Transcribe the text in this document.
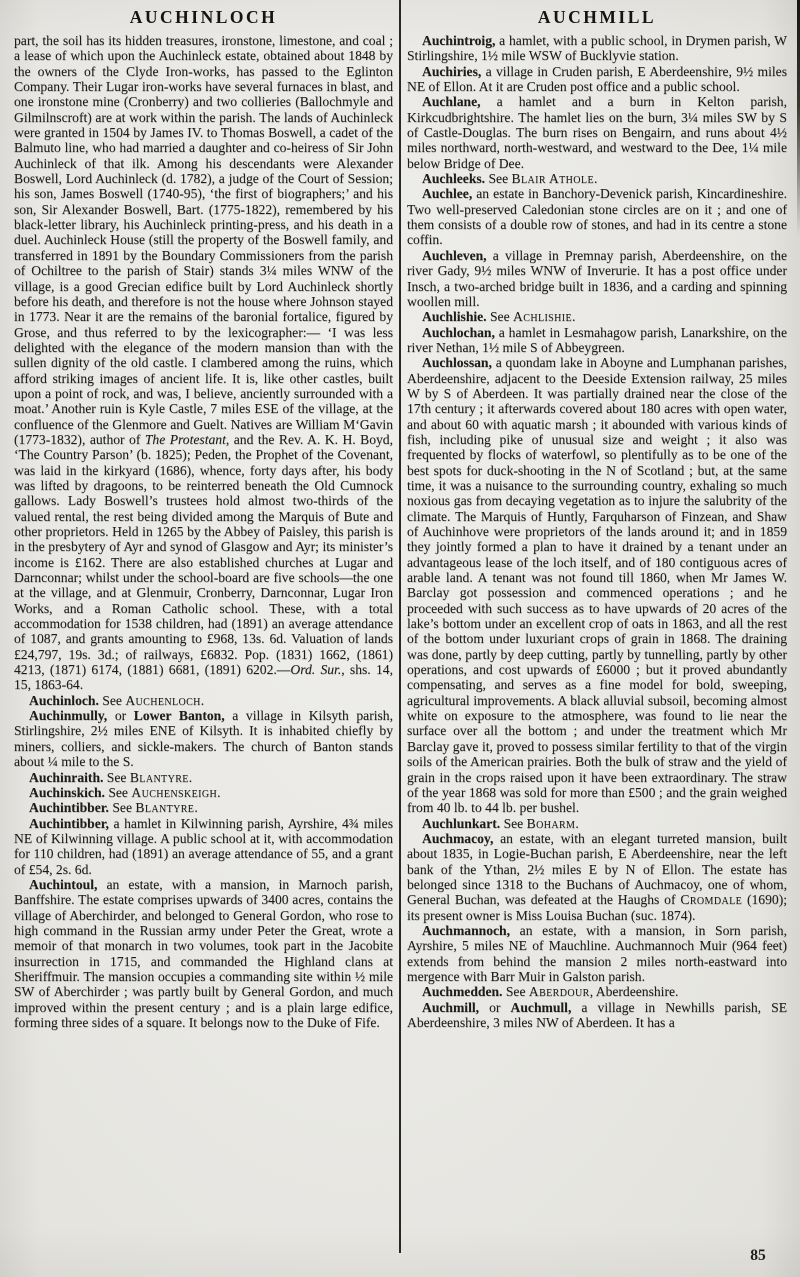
AUCHINLOCH	AUCHMILL

part, the soil has its hidden treasures, ironstone, limestone, and coal ; a lease of which upon the Auchinleck estate, obtained about 1848 by the owners of the Clyde Iron-works, has passed to the Eglinton Company. Their Lugar iron-works have several furnaces in blast, and one ironstone mine (Cronberry) and two collieries (Ballochmyle and Gilmilnscroft) are at work within the parish. The lands of Auchinleck were granted in 1504 by James IV. to Thomas Boswell, a cadet of the Balmuto line, who had married a daughter and co-heiress of Sir John Auchinleck of that ilk. Among his descendants were Alexander Boswell, Lord Auchinleck (d. 1782), a judge of the Court of Session; his son, James Boswell (1740-95), ‘the first of biographers;’ and his son, Sir Alexander Boswell, Bart. (1775-1822), remembered by his black-letter library, his Auchinleck printing-press, and his death in a duel. Auchinleck House (still the property of the Boswell family, and transferred in 1891 by the Boundary Commissioners from the parish of Ochiltree to the parish of Stair) stands 3¼ miles WNW of the village, is a good Grecian edifice built by Lord Auchinleck shortly before his death, and therefore is not the house where Johnson stayed in 1773. Near it are the remains of the baronial fortalice, figured by Grose, and thus referred to by the lexicographer:— ‘I was less delighted with the elegance of the modern mansion than with the sullen dignity of the old castle. I clambered among the ruins, which afford striking images of ancient life. It is, like other castles, built upon a point of rock, and was, I believe, anciently surrounded with a moat.’ Another ruin is Kyle Castle, 7 miles ESE of the village, at the confluence of the Glenmore and Guelt. Natives are William M‘Gavin (1773-1832), author of The Protestant, and the Rev. A. K. H. Boyd, ‘The Country Parson’ (b. 1825); Peden, the Prophet of the Covenant, was laid in the kirkyard (1686), whence, forty days after, his body was lifted by dragoons, to be reinterred beneath the Old Cumnock gallows. Lady Boswell’s trustees hold almost two-thirds of the valued rental, the rest being divided among the Marquis of Bute and other proprietors. Held in 1265 by the Abbey of Paisley, this parish is in the presbytery of Ayr and synod of Glasgow and Ayr; its minister’s income is £162. There are also established churches at Lugar and Darnconnar; whilst under the school-board are five schools—the one at the village, and at Glenmuir, Cronberry, Darnconnar, Lugar Iron Works, and a Roman Catholic school. These, with a total accommodation for 1538 children, had (1891) an average attendance of 1087, and grants amounting to £968, 13s. 6d. Valuation of lands £24,797, 19s. 3d.; of railways, £6832. Pop. (1831) 1662, (1861) 4213, (1871) 6174, (1881) 6681, (1891) 6202.—Ord. Sur., shs. 14, 15, 1863-64.

Auchinloch. See Auchenloch.

Auchinmully, or Lower Banton, a village in Kilsyth parish, Stirlingshire, 2½ miles ENE of Kilsyth. It is inhabited chiefly by miners, colliers, and sickle-makers. The church of Banton stands about ¼ mile to the S.

Auchinraith. See Blantyre.

Auchinskich. See Auchenskeigh.

Auchintibber. See Blantyre.

Auchintibber, a hamlet in Kilwinning parish, Ayrshire, 4¾ miles NE of Kilwinning village. A public school at it, with accommodation for 110 children, had (1891) an average attendance of 55, and a grant of £54, 2s. 6d.

Auchintoul, an estate, with a mansion, in Marnoch parish, Banffshire. The estate comprises upwards of 3400 acres, contains the village of Aberchirder, and belonged to General Gordon, who rose to high command in the Russian army under Peter the Great, wrote a memoir of that monarch in two volumes, took part in the Jacobite insurrection in 1715, and commanded the Highland clans at Sheriffmuir. The mansion occupies a commanding site within ½ mile SW of Aberchirder ; was partly built by General Gordon, and much improved within the present century ; and is a plain large edifice, forming three sides of a square. It belongs now to the Duke of Fife.

Auchintroig, a hamlet, with a public school, in Drymen parish, W Stirlingshire, 1½ mile WSW of Bucklyvie station.

Auchiries, a village in Cruden parish, E Aberdeenshire, 9½ miles NE of Ellon. At it are Cruden post office and a public school.

Auchlane, a hamlet and a burn in Kelton parish, Kirkcudbrightshire. The hamlet lies on the burn, 3¼ miles SW by S of Castle-Douglas. The burn rises on Bengairn, and runs about 4½ miles northward, north-westward, and westward to the Dee, 1¼ mile below Bridge of Dee.

Auchleeks. See Blair Athole.

Auchlee, an estate in Banchory-Devenick parish, Kincardineshire. Two well-preserved Caledonian stone circles are on it ; and one of them consists of a double row of stones, and had in its centre a stone coffin.

Auchleven, a village in Premnay parish, Aberdeenshire, on the river Gady, 9½ miles WNW of Inverurie. It has a post office under Insch, a two-arched bridge built in 1836, and a carding and spinning woollen mill.

Auchlishie. See Achlishie.

Auchlochan, a hamlet in Lesmahagow parish, Lanarkshire, on the river Nethan, 1½ mile S of Abbeygreen.

Auchlossan, a quondam lake in Aboyne and Lumphanan parishes, Aberdeenshire, adjacent to the Deeside Extension railway, 25 miles W by S of Aberdeen. It was partially drained near the close of the 17th century ; it afterwards covered about 180 acres with open water, and about 60 with aquatic marsh ; it abounded with various kinds of fish, including pike of unusual size and weight ; it also was frequented by flocks of waterfowl, so plentifully as to be one of the best spots for duck-shooting in the N of Scotland ; but, at the same time, it was a nuisance to the surrounding country, exhaling so much noxious gas from decaying vegetation as to injure the salubrity of the climate. The Marquis of Huntly, Farquharson of Finzean, and Shaw of Auchinhove were proprietors of the lands around it; and in 1859 they jointly formed a plan to have it drained by a tenant under an advantageous lease of the loch itself, and of 180 contiguous acres of arable land. A tenant was not found till 1860, when Mr James W. Barclay got possession and commenced operations ; and he proceeded with such success as to have upwards of 20 acres of the lake’s bottom under an excellent crop of oats in 1863, and all the rest of the bottom under luxuriant crops of grain in 1868. The draining was done, partly by deep cutting, partly by tunnelling, partly by other operations, and cost upwards of £6000 ; but it proved abundantly compensating, and serves as a fine model for bold, sweeping, agricultural improvements. A black alluvial subsoil, becoming almost white on exposure to the atmosphere, was found to lie near the surface over all the bottom ; and under the treatment which Mr Barclay gave it, proved to possess similar fertility to that of the virgin soils of the American prairies. Both the bulk of straw and the yield of grain in the crops raised upon it have been extraordinary. The straw of the year 1868 was sold for more than £500 ; and the grain weighed from 40 lb. to 44 lb. per bushel.

Auchlunkart. See Boharm.

Auchmacoy, an estate, with an elegant turreted mansion, built about 1835, in Logie-Buchan parish, E Aberdeenshire, near the left bank of the Ythan, 2½ miles E by N of Ellon. The estate has belonged since 1318 to the Buchans of Auchmacoy, one of whom, General Buchan, was defeated at the Haughs of Cromdale (1690); its present owner is Miss Louisa Buchan (suc. 1874).

Auchmannoch, an estate, with a mansion, in Sorn parish, Ayrshire, 5 miles NE of Mauchline. Auchmannoch Muir (964 feet) extends from behind the mansion 2 miles north-eastward into mergence with Barr Muir in Galston parish.

Auchmedden. See Aberdour, Aberdeenshire.

Auchmill, or Auchmull, a village in Newhills parish, SE Aberdeenshire, 3 miles NW of Aberdeen. It has a

85
